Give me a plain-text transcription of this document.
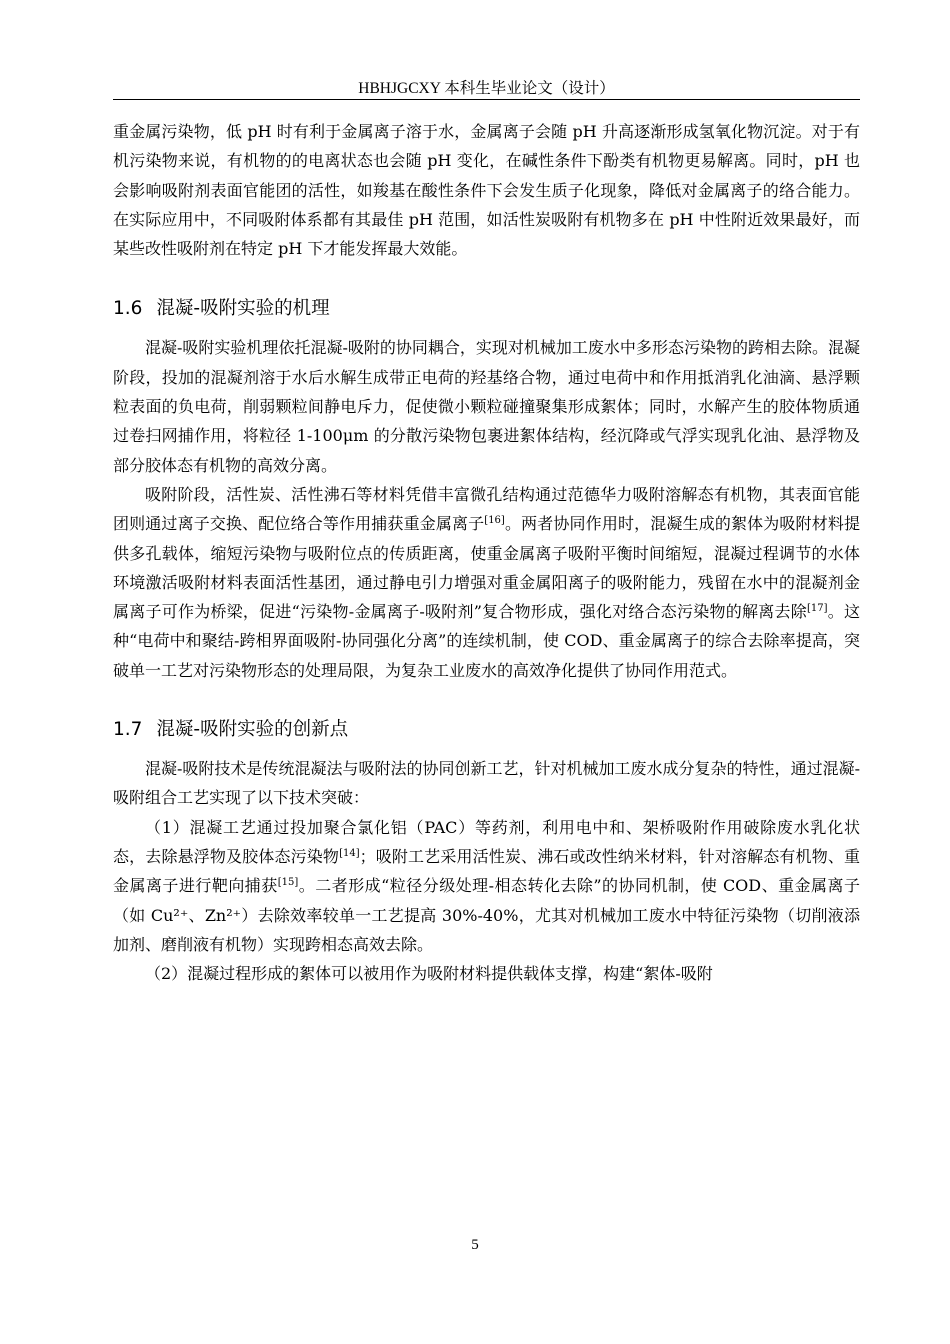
HBHJGCXY 本科生毕业论文（设计）

重金属污染物，低 pH 时有利于金属离子溶于水，金属离子会随 pH 升高逐渐形成氢氧化物沉淀。对于有机污染物来说，有机物的的电离状态也会随 pH 变化，在碱性条件下酚类有机物更易解离。同时，pH 也会影响吸附剂表面官能团的活性，如羧基在酸性条件下会发生质子化现象，降低对金属离子的络合能力。在实际应用中，不同吸附体系都有其最佳 pH 范围，如活性炭吸附有机物多在 pH 中性附近效果最好，而某些改性吸附剂在特定 pH 下才能发挥最大效能。

1.6 混凝-吸附实验的机理

混凝-吸附实验机理依托混凝-吸附的协同耦合，实现对机械加工废水中多形态污染物的跨相去除。混凝阶段，投加的混凝剂溶于水后水解生成带正电荷的羟基络合物，通过电荷中和作用抵消乳化油滴、悬浮颗粒表面的负电荷，削弱颗粒间静电斥力，促使微小颗粒碰撞聚集形成絮体；同时，水解产生的胶体物质通过卷扫网捕作用，将粒径 1-100μm 的分散污染物包裹进絮体结构，经沉降或气浮实现乳化油、悬浮物及部分胶体态有机物的高效分离。

吸附阶段，活性炭、活性沸石等材料凭借丰富微孔结构通过范德华力吸附溶解态有机物，其表面官能团则通过离子交换、配位络合等作用捕获重金属离子[16]。两者协同作用时，混凝生成的絮体为吸附材料提供多孔载体，缩短污染物与吸附位点的传质距离，使重金属离子吸附平衡时间缩短，混凝过程调节的水体环境激活吸附材料表面活性基团，通过静电引力增强对重金属阳离子的吸附能力，残留在水中的混凝剂金属离子可作为桥梁，促进“污染物-金属离子-吸附剂”复合物形成，强化对络合态污染物的解离去除[17]。这种“电荷中和聚结-跨相界面吸附-协同强化分离”的连续机制，使 COD、重金属离子的综合去除率提高，突破单一工艺对污染物形态的处理局限，为复杂工业废水的高效净化提供了协同作用范式。

1.7 混凝-吸附实验的创新点

混凝-吸附技术是传统混凝法与吸附法的协同创新工艺，针对机械加工废水成分复杂的特性，通过混凝-吸附组合工艺实现了以下技术突破：

（1）混凝工艺通过投加聚合氯化铝（PAC）等药剂，利用电中和、架桥吸附作用破除废水乳化状态，去除悬浮物及胶体态污染物[14]；吸附工艺采用活性炭、沸石或改性纳米材料，针对溶解态有机物、重金属离子进行靶向捕获[15]。二者形成“粒径分级处理-相态转化去除”的协同机制，使 COD、重金属离子（如 Cu²⁺、Zn²⁺）去除效率较单一工艺提高 30%-40%，尤其对机械加工废水中特征污染物（切削液添加剂、磨削液有机物）实现跨相态高效去除。

（2）混凝过程形成的絮体可以被用作为吸附材料提供载体支撑，构建“絮体-吸附

5
